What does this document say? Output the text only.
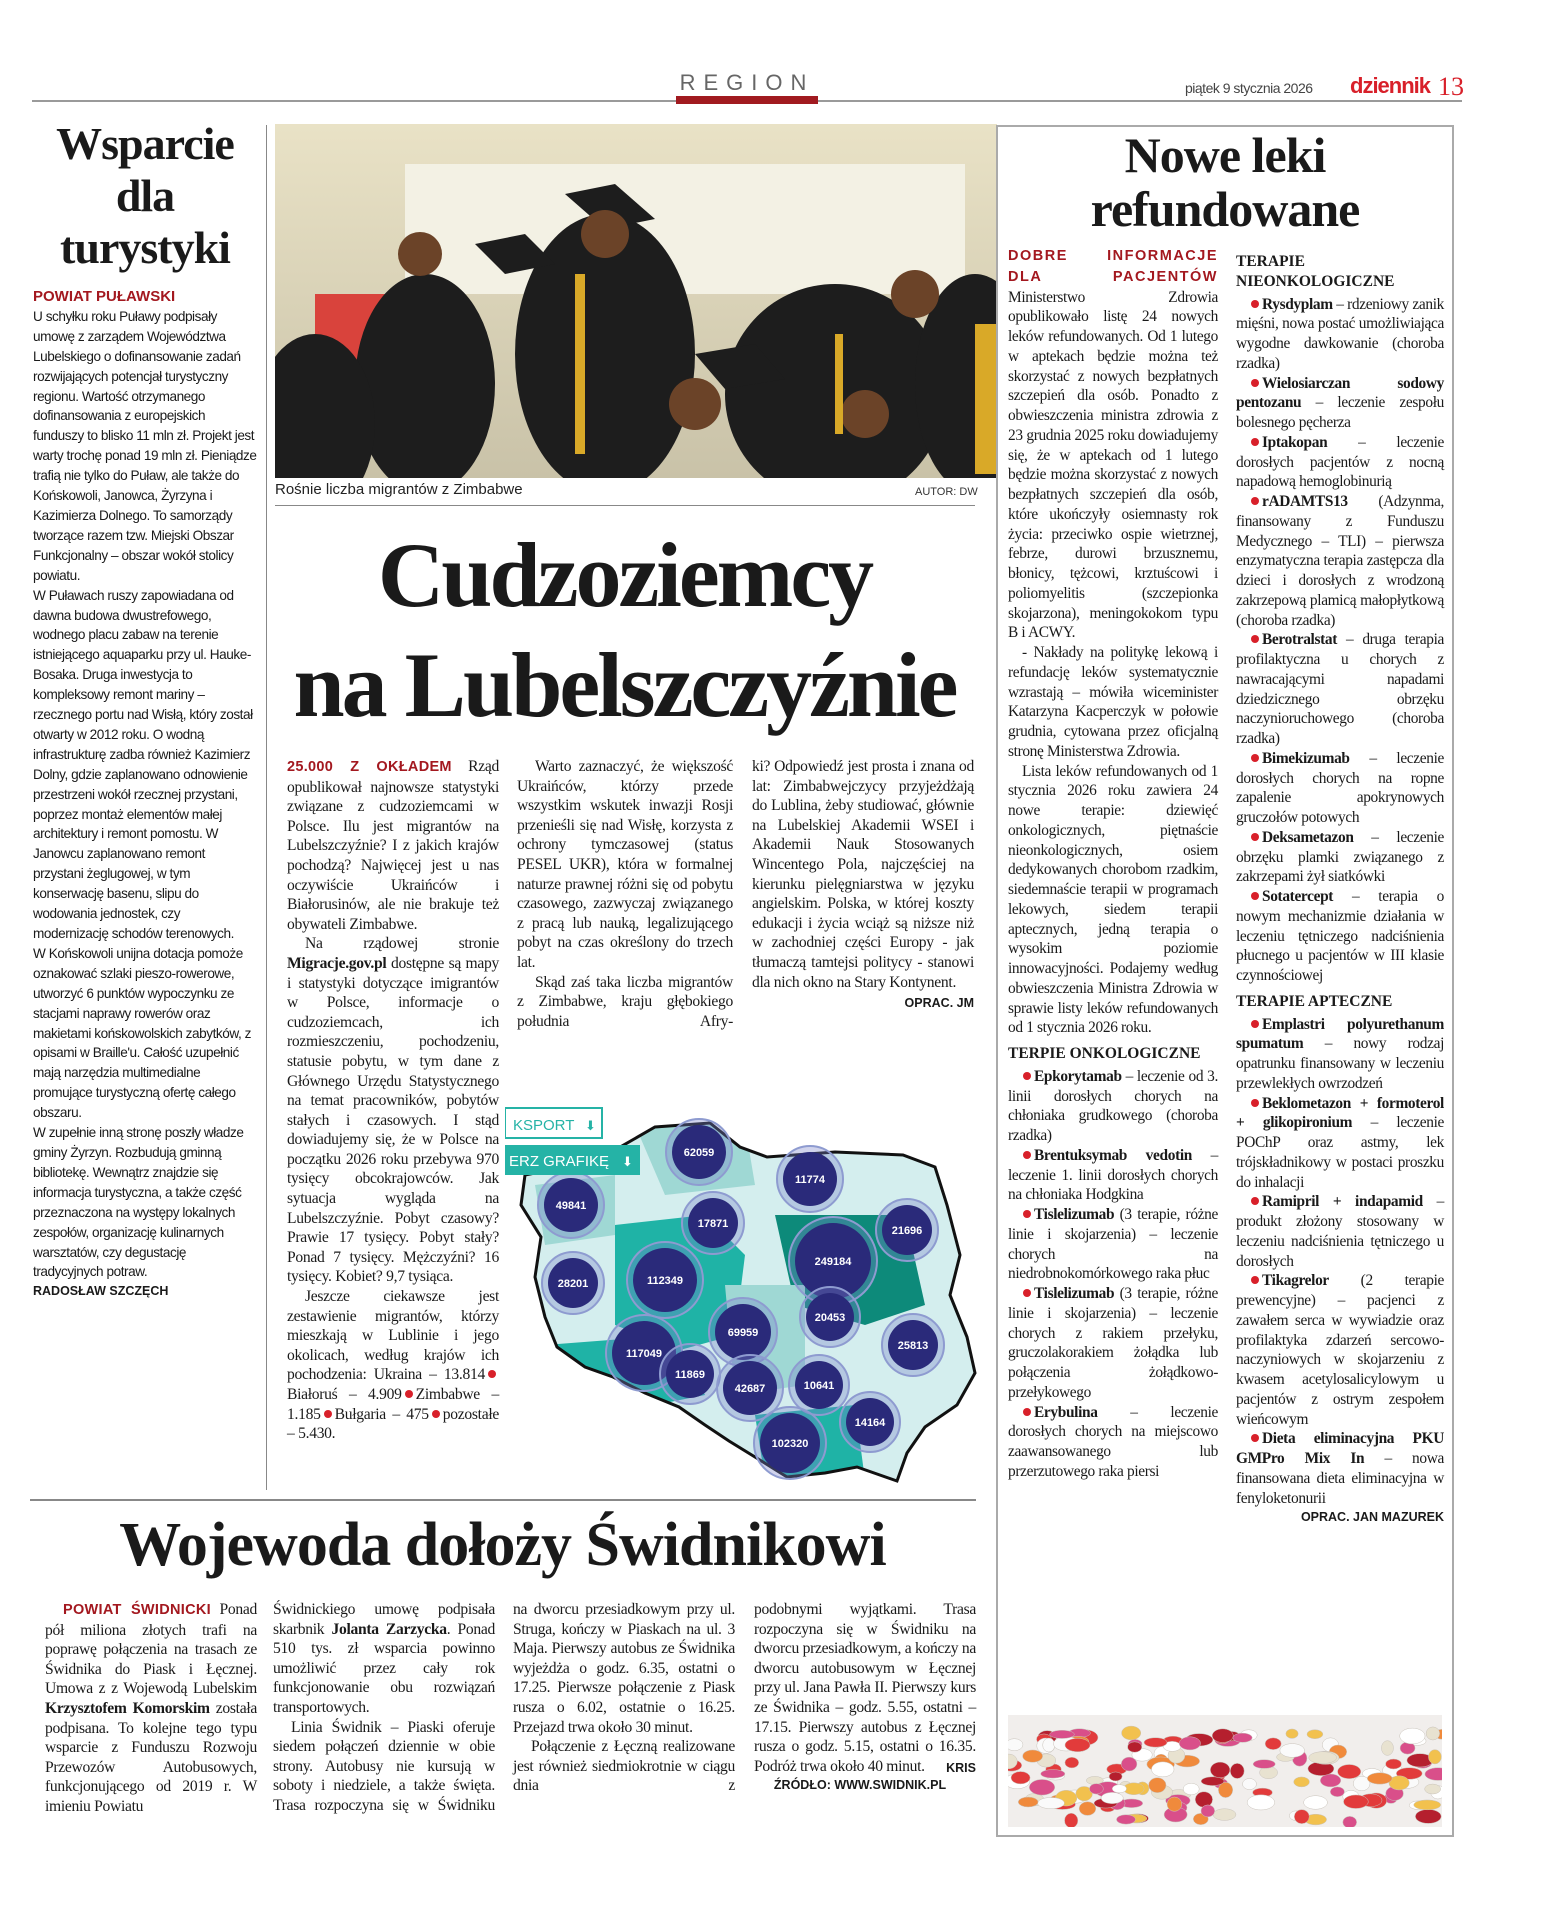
REGION	piątek 9 stycznia 2026 dziennik 13
Wsparcie dla turystyki

POWIAT PUŁAWSKI
U schyłku roku Puławy podpisały umowę z zarządem Województwa Lubelskiego o dofinansowanie zadań rozwijających potencjał turystyczny regionu. Wartość otrzymanego dofinansowania z europejskich funduszy to blisko 11 mln zł. Projekt jest warty trochę ponad 19 mln zł. Pieniądze trafią nie tylko do Puław, ale także do Końskowoli, Janowca, Żyrzyna i Kazimierza Dolnego. To samorządy tworzące razem tzw. Miejski Obszar Funkcjonalny – obszar wokół stolicy powiatu.

W Puławach ruszy zapowiadana od dawna budowa dwustrefowego, wodnego placu zabaw na terenie istniejącego aquaparku przy ul. Hauke-Bosaka. Druga inwestycja to kompleksowy remont mariny – rzecznego portu nad Wisłą, który został otwarty w 2012 roku. O wodną infrastrukturę zadba również Kazimierz Dolny, gdzie zaplanowano odnowienie przestrzeni wokół rzecznej przystani, poprzez montaż elementów małej architektury i remont pomostu. W Janowcu zaplanowano remont przystani żeglugowej, w tym konserwację basenu, slipu do wodowania jednostek, czy modernizację schodów terenowych.

W Końskowoli unijna dotacja pomoże oznakować szlaki pieszo-rowerowe, utworzyć 6 punktów wypoczynku ze stacjami naprawy rowerów oraz makietami końskowolskich zabytków, z opisami w Braille'u. Całość uzupełnić mają narzędzia multimedialne promujące turystyczną ofertę całego obszaru.

W zupełnie inną stronę poszły władze gminy Żyrzyn. Rozbudują gminną bibliotekę. Wewnątrz znajdzie się informacja turystyczna, a także część przeznaczona na występy lokalnych zespołów, organizację kulinarnych warsztatów, czy degustację tradycyjnych potraw.

RADOSŁAW SZCZĘCH

Rośnie liczba migrantów z Zimbabwe	AUTOR: DW
Cudzoziemcy
na Lubelszczyźnie

25.000 Z OKŁADEM Rząd opublikował najnowsze statystyki związane z cudzoziemcami w Polsce. Ilu jest migrantów na Lubelszczyźnie? I z jakich krajów pochodzą? Najwięcej jest u nas oczywiście Ukraińców i Białorusinów, ale nie brakuje też obywateli Zimbabwe.

Na rządowej stronie Migracje.gov.pl dostępne są mapy i statystyki dotyczące imigrantów w Polsce, informacje o cudzoziemcach, ich rozmieszczeniu, pochodzeniu, statusie pobytu, w tym dane z Głównego Urzędu Statystycznego na temat pracowników, pobytów stałych i czasowych. I stąd dowiadujemy się, że w Polsce na początku 2026 roku przebywa 970 tysięcy obcokrajowców. Jak sytuacja wygląda na Lubelszczyźnie. Pobyt czasowy? Prawie 17 tysięcy. Pobyt stały? Ponad 7 tysięcy. Mężczyźni? 16 tysięcy. Kobiet? 9,7 tysiąca.

Jeszcze ciekawsze jest zestawienie migrantów, którzy mieszkają w Lublinie i jego okolicach, według krajów ich pochodzenia: Ukraina – 13.814Białoruś – 4.909 Zimbabwe – 1.185 Bułgaria – 475 pozostałe – 5.430.

Warto zaznaczyć, że większość Ukraińców, którzy przede wszystkim wskutek inwazji Rosji przenieśli się nad Wisłę, korzysta z ochrony tymczasowej (status PESEL UKR), która w formalnej naturze prawnej różni się od pobytu czasowego, zazwyczaj związanego z pracą lub nauką, legalizującego pobyt na czas określony do trzech lat.

Skąd zaś taka liczba migrantów z Zimbabwe, kraju głębokiego południa Afry-

ki? Odpowiedź jest prosta i znana od lat: Zimbabwejczycy przyjeżdżają do Lublina, żeby studiować, głównie na Lubelskiej Akademii WSEI i Akademii Nauk Stosowanych Wincentego Pola, najczęściej na kierunku pielęgniarstwa w języku angielskim. Polska, w której koszty edukacji i życia wciąż są niższe niż w zachodniej części Europy - jak tłumaczą tamtejsi politycy - stanowi dla nich okno na Stary Kontynent.
OPRAC. JM

62059
11774
49841
17871
21696
249184
28201	112349
20453
69959
25813
117049
11869
42687	10641
14164
102320
KSPORT ⬇
ERZ GRAFIKĘ ⬇
Wojewoda dołoży Świdnikowi

POWIAT ŚWIDNICKI Ponad pół miliona złotych trafi na poprawę połączenia na trasach ze Świdnika do Piask i Łęcznej. Umowa z z Wojewodą Lubelskim Krzysztofem Komorskim została podpisana. To kolejne tego typu wsparcie z Funduszu Rozwoju Przewozów Autobusowych, funkcjonującego od 2019 r. W imieniu Powiatu

Świdnickiego umowę podpisała skarbnik Jolanta Zarzycka. Ponad 510 tys. zł wsparcia powinno umożliwić przez cały rok funkcjonowanie obu rozwiązań transportowych.

Linia Świdnik – Piaski oferuje siedem połączeń dziennie w obie strony. Autobusy nie kursują w soboty i niedziele, a także święta. Trasa rozpoczyna się w Świdniku

na dworcu przesiadkowym przy ul. Struga, kończy w Piaskach na ul. 3 Maja. Pierwszy autobus ze Świdnika wyjeżdża o godz. 6.35, ostatni o 17.25. Pierwsze połączenie z Piask rusza o 6.02, ostatnie o 16.25. Przejazd trwa około 30 minut.

Połączenie z Łęczną realizowane jest również siedmiokrotnie w ciągu dnia z

podobnymi wyjątkami. Trasa rozpoczyna się w Świdniku na dworcu przesiadkowym, a kończy na dworcu autobusowym w Łęcznej przy ul. Jana Pawła II. Pierwszy kurs ze Świdnika – godz. 5.55, ostatni – 17.15. Pierwszy autobus z Łęcznej rusza o godz. 5.15, ostatni o 16.35. Podróż trwa około 40 minut. KRIS

ŹRÓDŁO: WWW.SWIDNIK.PL

Nowe leki
refundowane

DOBRE INFORMACJE DLA PACJENTÓW Ministerstwo Zdrowia opublikowało listę 24 nowych leków refundowanych. Od 1 lutego w aptekach będzie można też skorzystać z nowych bezpłatnych szczepień dla osób. Ponadto z obwieszczenia ministra zdrowia z 23 grudnia 2025 roku dowiadujemy się, że w aptekach od 1 lutego będzie można skorzystać z nowych bezpłatnych szczepień dla osób, które ukończyły osiemnasty rok życia: przeciwko ospie wietrznej, febrze, durowi brzusznemu, błonicy, tężcowi, krztuścowi i poliomyelitis (szczepionka skojarzona), meningokokom typu B i ACWY.

- Nakłady na politykę lekową i refundację leków systematycznie wzrastają – mówiła wiceminister Katarzyna Kacperczyk w połowie grudnia, cytowana przez oficjalną stronę Ministerstwa Zdrowia.

Lista leków refundowanych od 1 stycznia 2026 roku zawiera 24 nowe terapie: dziewięć onkologicznych, piętnaście nieonkologicznych, osiem dedykowanych chorobom rzadkim, siedemnaście terapii w programach lekowych, siedem terapii aptecznych, jedną terapia o wysokim poziomie innowacyjności. Podajemy według obwieszczenia Ministra Zdrowia w sprawie listy leków refundowanych od 1 stycznia 2026 roku.

TERPIE ONKOLOGICZNE

Epkorytamab – leczenie od 3. linii dorosłych chorych na chłoniaka grudkowego (choroba rzadka)

Brentuksymab vedotin – leczenie 1. linii dorosłych chorych na chłoniaka Hodgkina

Tislelizumab (3 terapie, różne linie i skojarzenia) – leczenie chorych na niedrobnokomórkowego raka płuc

Tislelizumab (3 terapie, różne linie i skojarzenia) – leczenie chorych z rakiem przełyku, gruczolakorakiem żołądka lub połączenia żołądkowo-przełykowego

Erybulina – leczenie dorosłych chorych na miejscowo zaawansowanego lub przerzutowego raka piersi

TERAPIE NIEONKOLOGICZNE

Rysdyplam – rdzeniowy zanik mięśni, nowa postać umożliwiająca wygodne dawkowanie (choroba rzadka)

Wielosiarczan sodowy pentozanu – leczenie zespołu bolesnego pęcherza

Iptakopan – leczenie dorosłych pacjentów z nocną napadową hemoglobinurią

rADAMTS13 (Adzynma, finansowany z Funduszu Medycznego – TLI) – pierwsza enzymatyczna terapia zastępcza dla dzieci i dorosłych z wrodzoną zakrzepową plamicą małopłytkową (choroba rzadka)

Berotralstat – druga terapia profilaktyczna u chorych z nawracającymi napadami dziedzicznego obrzęku naczynioruchowego (choroba rzadka)

Bimekizumab – leczenie dorosłych chorych na ropne zapalenie apokrynowych gruczołów potowych

Deksametazon – leczenie obrzęku plamki związanego z zakrzepami żył siatkówki

Sotatercept – terapia o nowym mechanizmie działania w leczeniu tętniczego nadciśnienia płucnego u pacjentów w III klasie czynnościowej

TERAPIE APTECZNE

Emplastri polyurethanum spumatum – nowy rodzaj opatrunku finansowany w leczeniu przewlekłych owrzodzeń

Beklometazon + formoterol + glikopironium – leczenie POChP oraz astmy, lek trójskładnikowy w postaci proszku do inhalacji

Ramipril + indapamid – produkt złożony stosowany w leczeniu nadciśnienia tętniczego u dorosłych

Tikagrelor (2 terapie prewencyjne) – pacjenci z zawałem serca w wywiadzie oraz profilaktyka zdarzeń sercowo-naczyniowych w skojarzeniu z kwasem acetylosalicylowym u pacjentów z ostrym zespołem wieńcowym

Dieta eliminacyjna PKU GMPro Mix In – nowa finansowana dieta eliminacyjna w fenyloketonurii

OPRAC. JAN MAZUREK
